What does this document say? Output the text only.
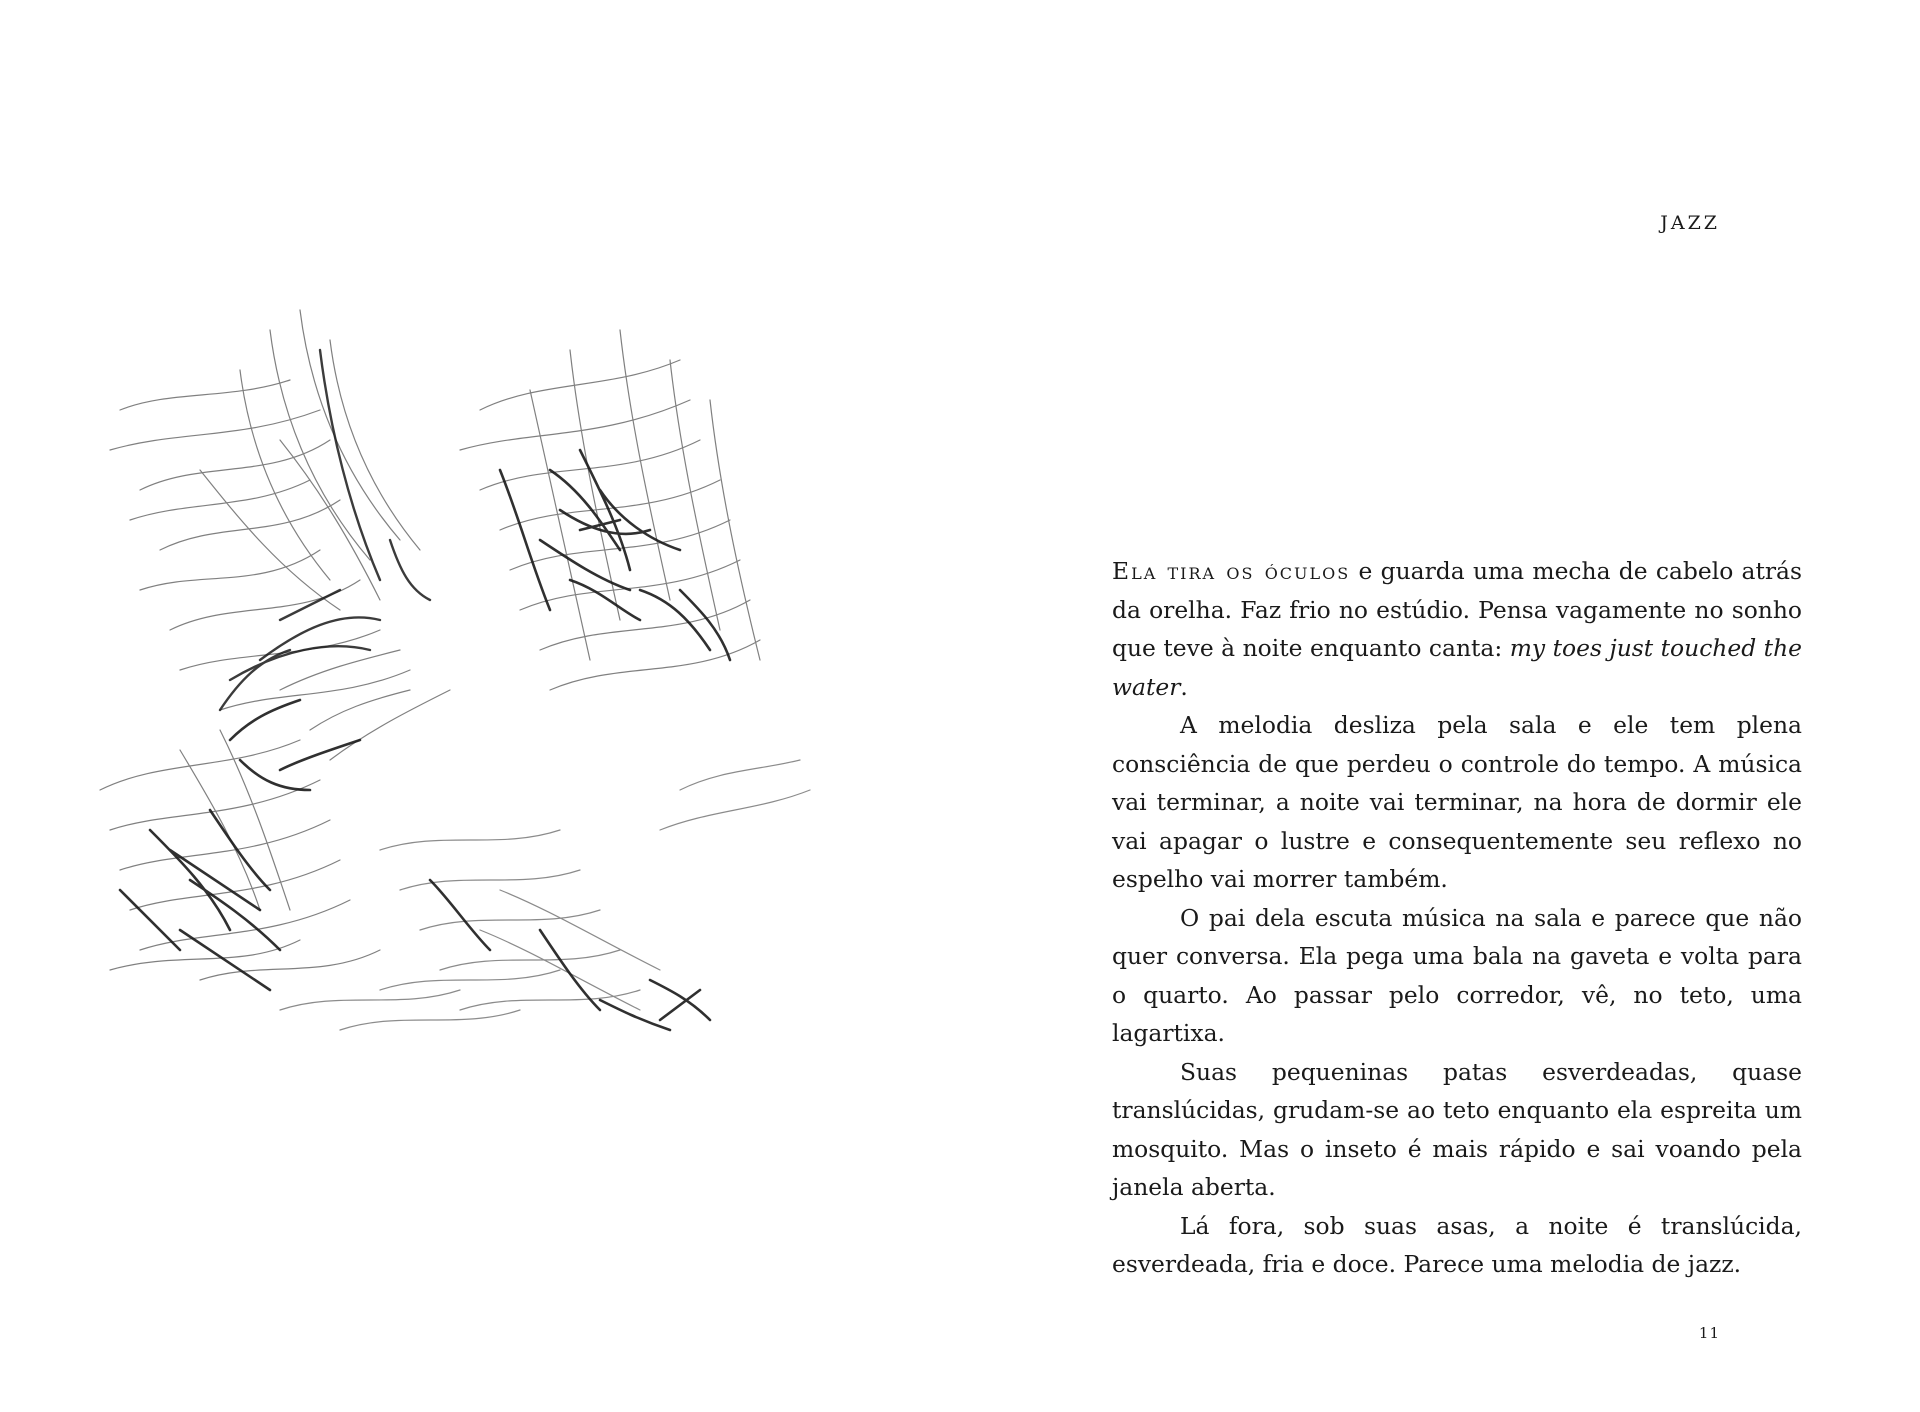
JAZZ

Ela tira os óculos e guarda uma mecha de cabelo atrás da orelha. Faz frio no estúdio. Pensa vagamente no sonho que teve à noite enquanto canta: my toes just touched the water.

A melodia desliza pela sala e ele tem plena consciência de que perdeu o controle do tempo. A música vai terminar, a noite vai terminar, na hora de dormir ele vai apagar o lustre e consequentemente seu reflexo no espelho vai morrer também.

O pai dela escuta música na sala e parece que não quer conversa. Ela pega uma bala na gaveta e volta para o quarto. Ao passar pelo corredor, vê, no teto, uma lagartixa.

Suas pequeninas patas esverdeadas, quase translúcidas, grudam-se ao teto enquanto ela espreita um mosquito. Mas o inseto é mais rápido e sai voando pela janela aberta.

Lá fora, sob suas asas, a noite é translúcida, esverdeada, fria e doce. Parece uma melodia de jazz.

11
